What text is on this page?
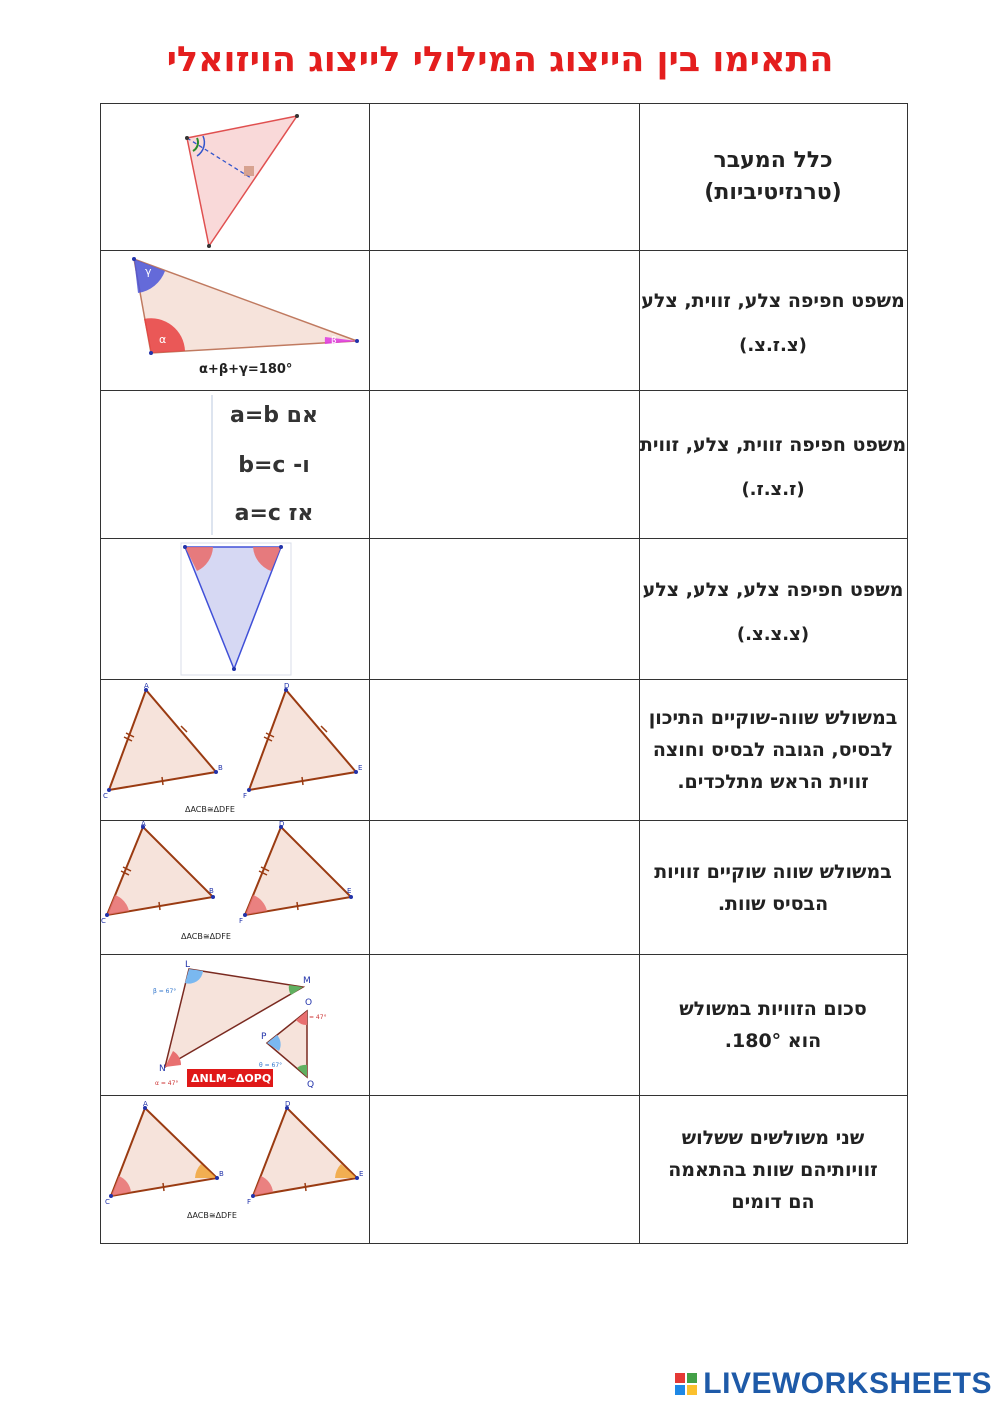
התאימו בין הייצוג המילולי לייצוג הויזואלי
כלל המעבר
(טרנזיטיביות)
γ
α	β
α+β+γ=180°
משפט חפיפה צלע, זווית, צלע
(צ.ז.צ.)
אם a=b
ו- b=c
אז a=c
משפט חפיפה זווית, צלע, זווית
(ז.צ.ז.)
משפט חפיפה צלע, צלע, צלע
(צ.צ.צ.)
A
C
B
D
F
E
ΔACB≅ΔDFE
במשולש שווה-שוקיים התיכון
לבסיס, הגובה לבסיס וחוצה
זווית הראש מתלכדים.
A
C
B
D
F
E
ΔACB≅ΔDFE
במשולש שווה שוקיים זוויות
הבסיס שוות.
L
M
N
O
P
Q
β = 67°
α = 47°
θ = 67°
= 47°
ΔNLM~ΔOPQ
סכום הזוויות במשולש
הוא 180°.
A
C
B
D
F
E
ΔACB≅ΔDFE
שני משולשים ששלוש
זוויותיהם שוות בהתאמה
הם דומים
LIVEWORKSHEETS
